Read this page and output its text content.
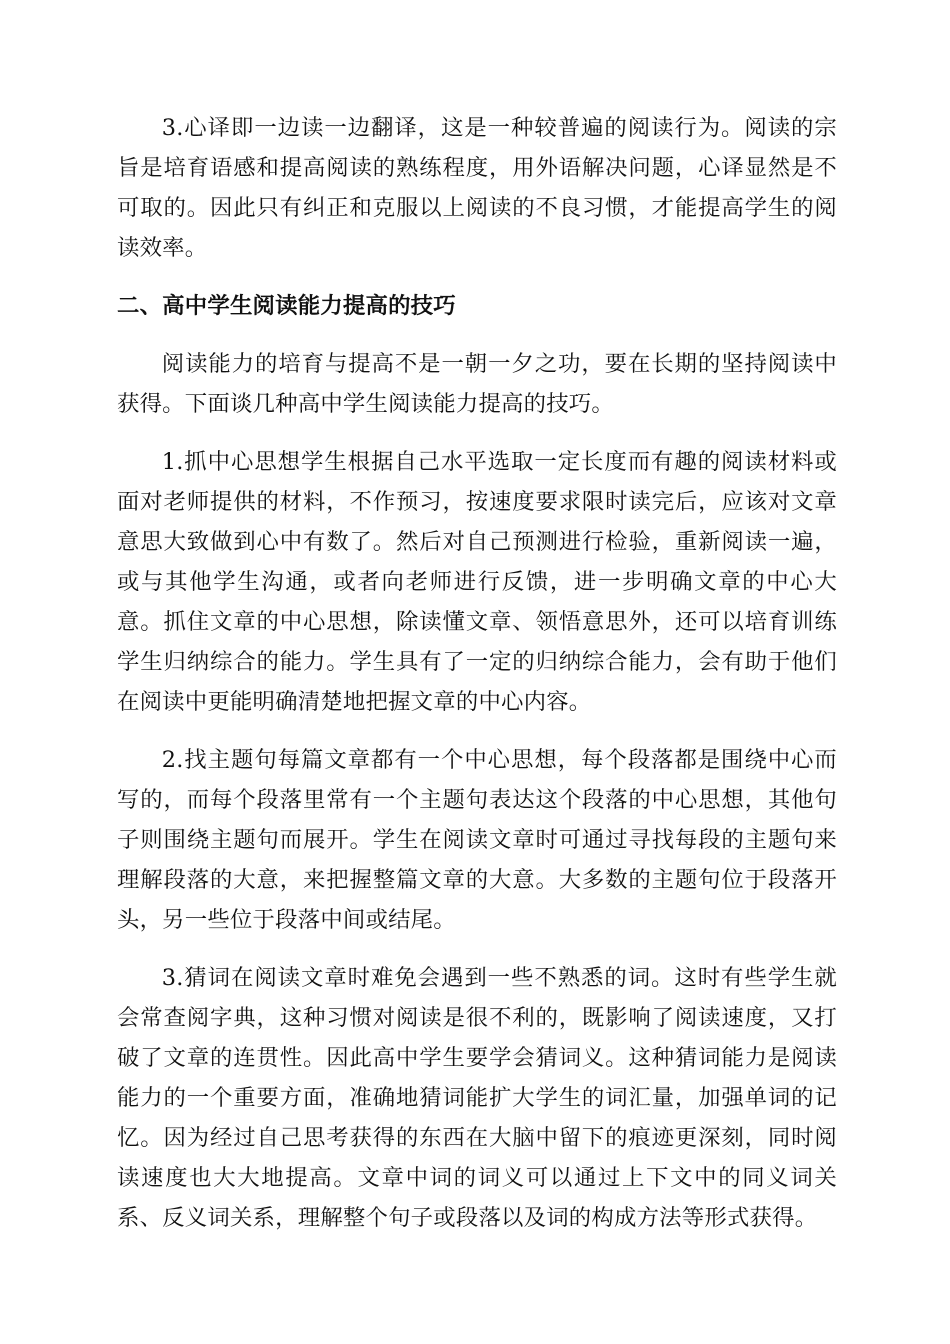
3.心译即一边读一边翻译，这是一种较普遍的阅读行为。阅读的宗旨是培育语感和提高阅读的熟练程度，用外语解决问题，心译显然是不可取的。因此只有纠正和克服以上阅读的不良习惯，才能提高学生的阅读效率。

二、高中学生阅读能力提高的技巧

阅读能力的培育与提高不是一朝一夕之功，要在长期的坚持阅读中获得。下面谈几种高中学生阅读能力提高的技巧。

1.抓中心思想学生根据自己水平选取一定长度而有趣的阅读材料或面对老师提供的材料，不作预习，按速度要求限时读完后，应该对文章意思大致做到心中有数了。然后对自己预测进行检验，重新阅读一遍，或与其他学生沟通，或者向老师进行反馈，进一步明确文章的中心大意。抓住文章的中心思想，除读懂文章、领悟意思外，还可以培育训练学生归纳综合的能力。学生具有了一定的归纳综合能力，会有助于他们在阅读中更能明确清楚地把握文章的中心内容。

2.找主题句每篇文章都有一个中心思想，每个段落都是围绕中心而写的，而每个段落里常有一个主题句表达这个段落的中心思想，其他句子则围绕主题句而展开。学生在阅读文章时可通过寻找每段的主题句来理解段落的大意，来把握整篇文章的大意。大多数的主题句位于段落开头，另一些位于段落中间或结尾。

3.猜词在阅读文章时难免会遇到一些不熟悉的词。这时有些学生就会常查阅字典，这种习惯对阅读是很不利的，既影响了阅读速度，又打破了文章的连贯性。因此高中学生要学会猜词义。这种猜词能力是阅读能力的一个重要方面，准确地猜词能扩大学生的词汇量，加强单词的记忆。因为经过自己思考获得的东西在大脑中留下的痕迹更深刻，同时阅读速度也大大地提高。文章中词的词义可以通过上下文中的同义词关系、反义词关系，理解整个句子或段落以及词的构成方法等形式获得。
